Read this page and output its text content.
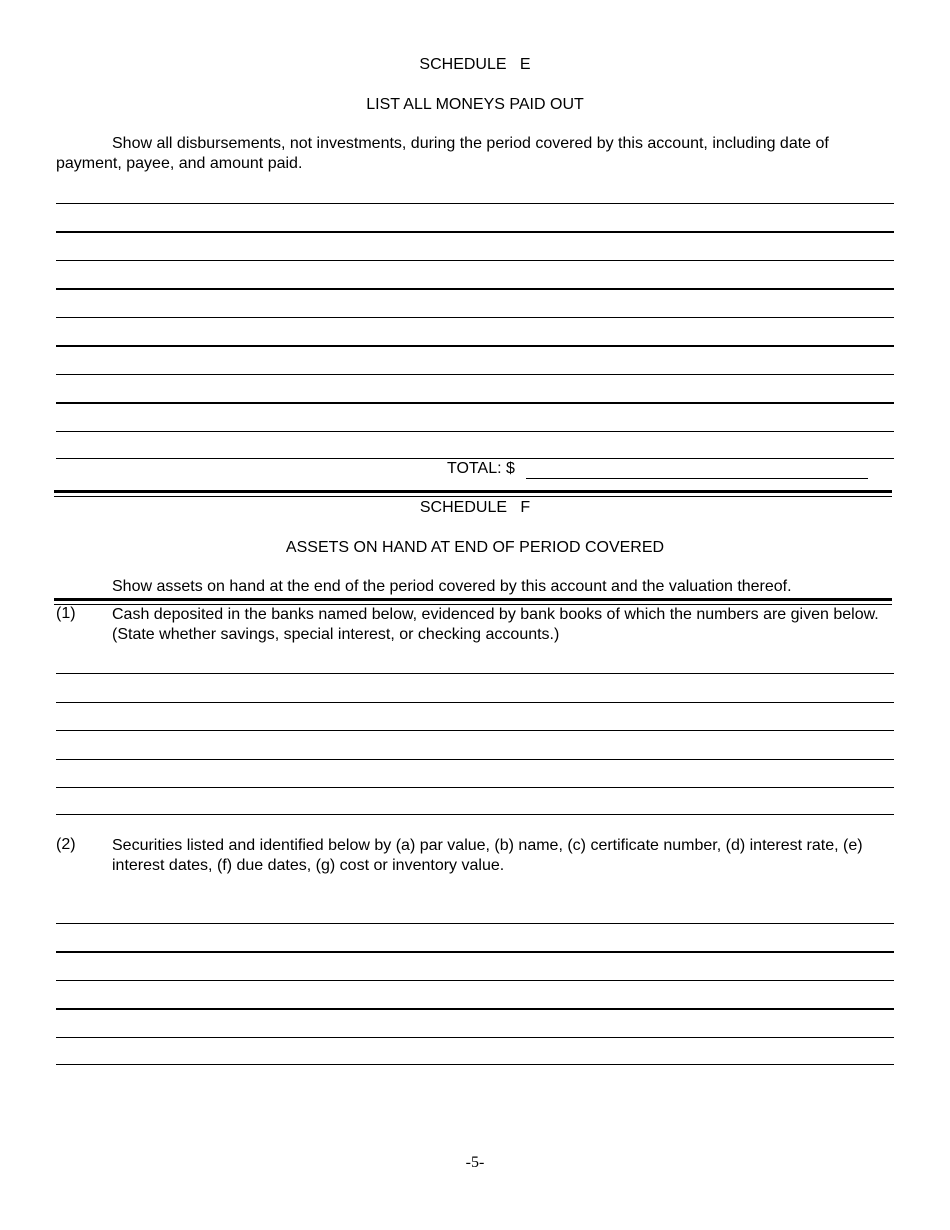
SCHEDULE   E
LIST ALL MONEYS PAID OUT
Show all disbursements, not investments, during the period covered by this account, including date of payment, payee, and amount paid.
TOTAL: $
SCHEDULE   F
ASSETS ON HAND AT END OF PERIOD COVERED
Show assets on hand at the end of the period covered by this account and the valuation thereof.
(1)	Cash deposited in the banks named below, evidenced by bank books of which the numbers are given below. (State whether savings, special interest, or checking accounts.)
(2)	Securities listed and identified below by (a) par value, (b) name, (c) certificate number, (d) interest rate, (e) interest dates, (f) due dates, (g) cost or inventory value.
-5-
